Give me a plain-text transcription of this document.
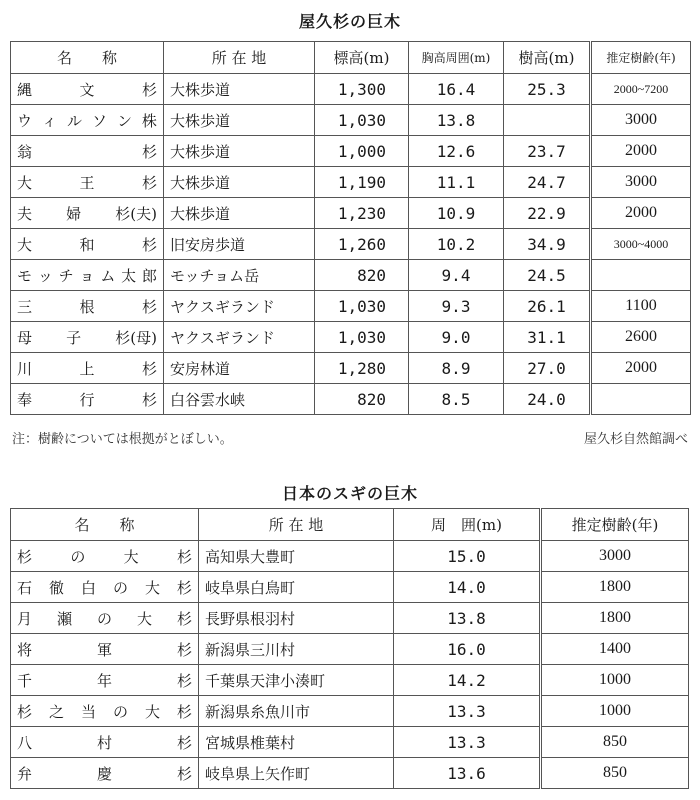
屋久杉の巨木
名　　称	所 在 地	標高(m)	胸高周囲(m)	樹高(m)	推定樹齢(年)

縄 文 杉	大株歩道	1,300	16.4	25.3	2000~7200

ウ ィ ル ソ ン 株	大株歩道	1,030	13.8		3000

翁 杉	大株歩道	1,000	12.6	23.7	2000

大 王 杉	大株歩道	1,190	11.1	24.7	3000

夫 婦 杉(夫)	大株歩道	1,230	10.9	22.9	2000

大 和 杉	旧安房歩道	1,260	10.2	34.9	3000~4000

モ ッ チ ョ ム 太 郎	モッチョム岳	820	9.4	24.5	

三 根 杉	ヤクスギランド	1,030	9.3	26.1	1100

母 子 杉(母)	ヤクスギランド	1,030	9.0	31.1	2600

川 上 杉	安房林道	1,280	8.9	27.0	2000

奉 行 杉	白谷雲水峡	820	8.5	24.0	
注：樹齢については根拠がとぼしい。	屋久杉自然館調べ
日本のスギの巨木
名　　称	所 在 地	周　囲(m)	推定樹齢(年)

杉 の 大 杉	高知県大豊町	15.0	3000

石 徹 白 の 大 杉	岐阜県白鳥町	14.0	1800

月 瀬 の 大 杉	長野県根羽村	13.8	1800

将 軍 杉	新潟県三川村	16.0	1400

千 年 杉	千葉県天津小湊町	14.2	1000

杉 之 当 の 大 杉	新潟県糸魚川市	13.3	1000

八 村 杉	宮城県椎葉村	13.3	850

弁 慶 杉	岐阜県上矢作町	13.6	850
